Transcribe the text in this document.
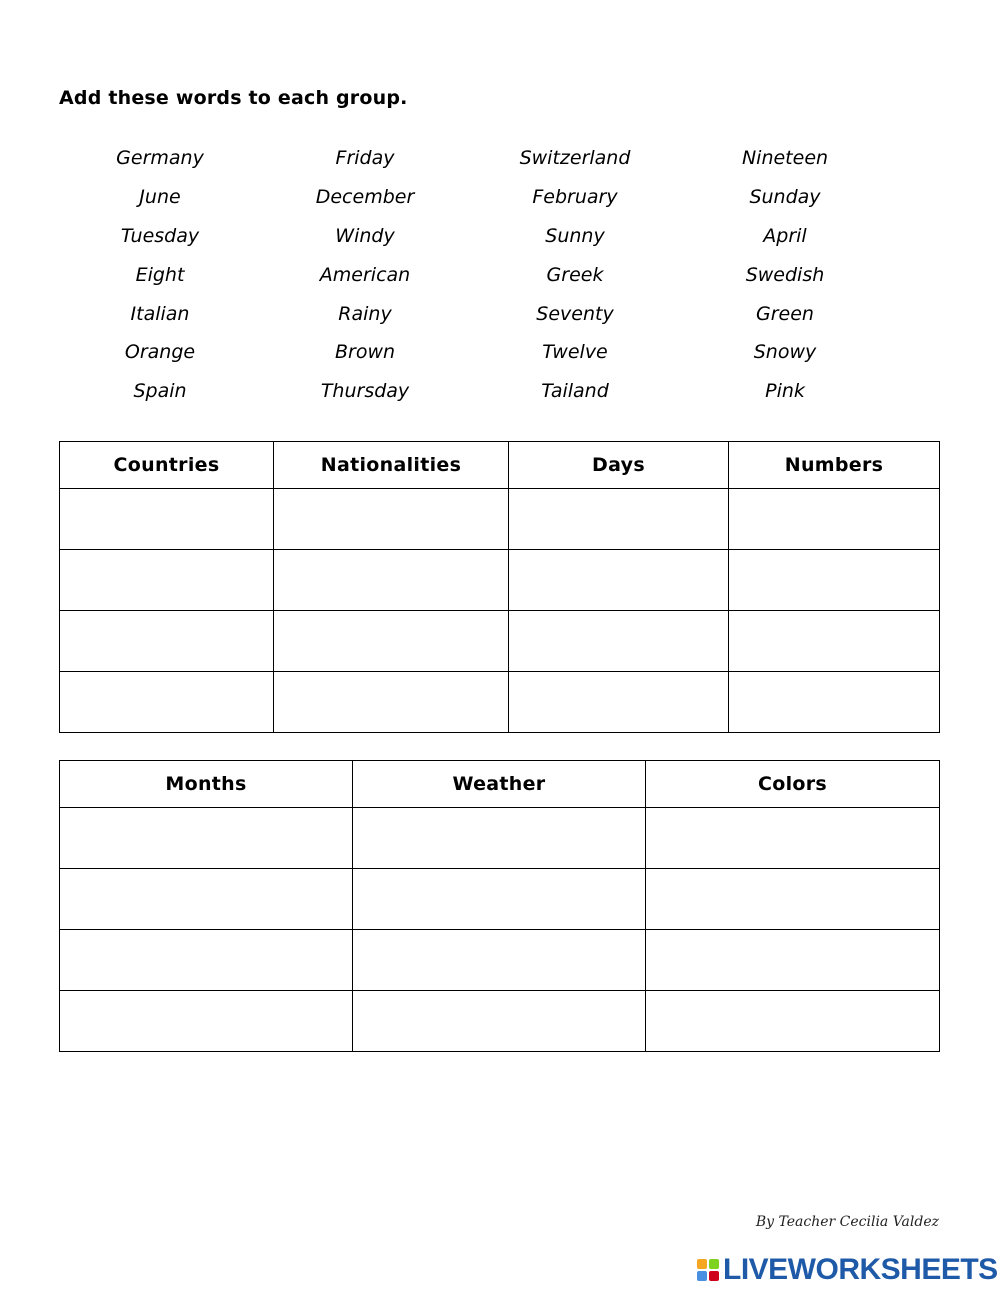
Add these words to each group.
Germany	Friday	Switzerland	Nineteen
June	December	February	Sunday
Tuesday	Windy	Sunny	April
Eight	American	Greek	Swedish
Italian	Rainy	Seventy	Green
Orange	Brown	Twelve	Snowy
Spain	Thursday	Tailand	Pink
Countries	Nationalities	Days	Numbers

Months	Weather	Colors

By Teacher Cecilia Valdez
LIVEWORKSHEETS
